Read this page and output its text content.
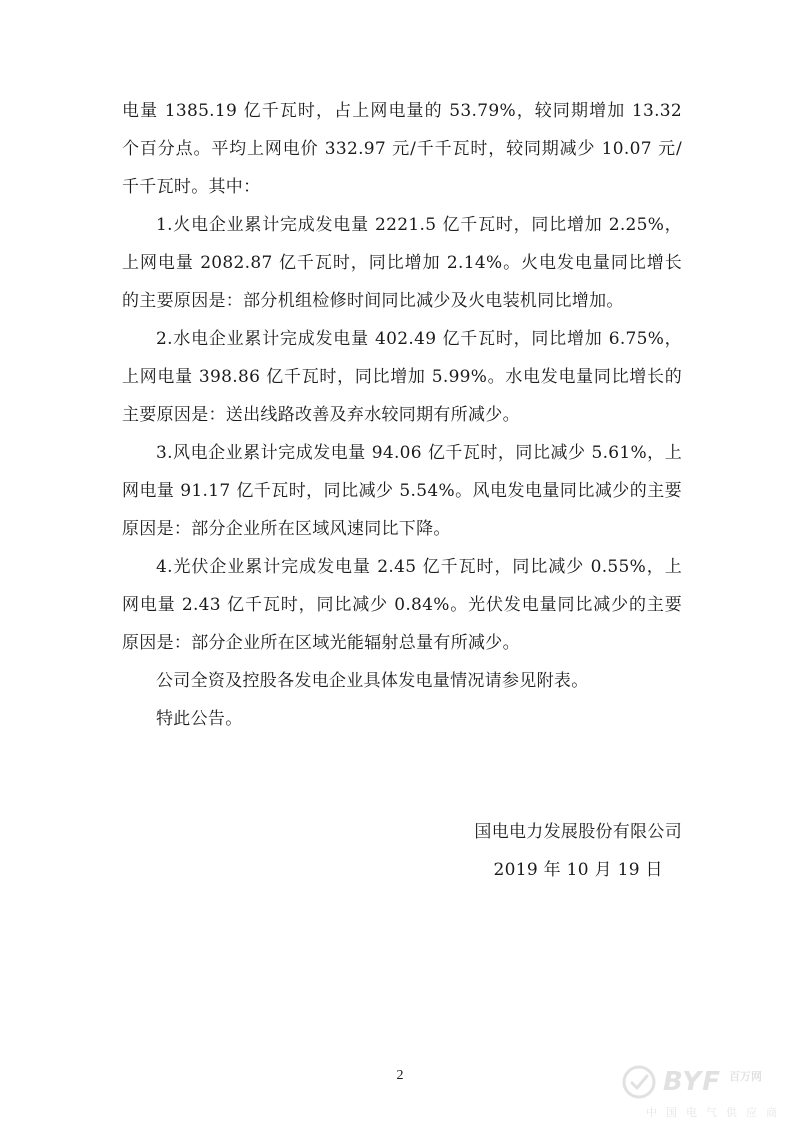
电量 1385.19 亿千瓦时，占上网电量的 53.79%，较同期增加 13.32 个百分点。平均上网电价 332.97 元/千千瓦时，较同期减少 10.07 元/千千瓦时。其中：

1.火电企业累计完成发电量 2221.5 亿千瓦时，同比增加 2.25%，上网电量 2082.87 亿千瓦时，同比增加 2.14%。火电发电量同比增长的主要原因是：部分机组检修时间同比减少及火电装机同比增加。

2.水电企业累计完成发电量 402.49 亿千瓦时，同比增加 6.75%，上网电量 398.86 亿千瓦时，同比增加 5.99%。水电发电量同比增长的主要原因是：送出线路改善及弃水较同期有所减少。

3.风电企业累计完成发电量 94.06 亿千瓦时，同比减少 5.61%，上网电量 91.17 亿千瓦时，同比减少 5.54%。风电发电量同比减少的主要原因是：部分企业所在区域风速同比下降。

4.光伏企业累计完成发电量 2.45 亿千瓦时，同比减少 0.55%，上网电量 2.43 亿千瓦时，同比减少 0.84%。光伏发电量同比减少的主要原因是：部分企业所在区域光能辐射总量有所减少。

公司全资及控股各发电企业具体发电量情况请参见附表。

特此公告。

国电电力发展股份有限公司
2019 年 10 月 19 日
2	BYF 百万网
中国电气供应商
